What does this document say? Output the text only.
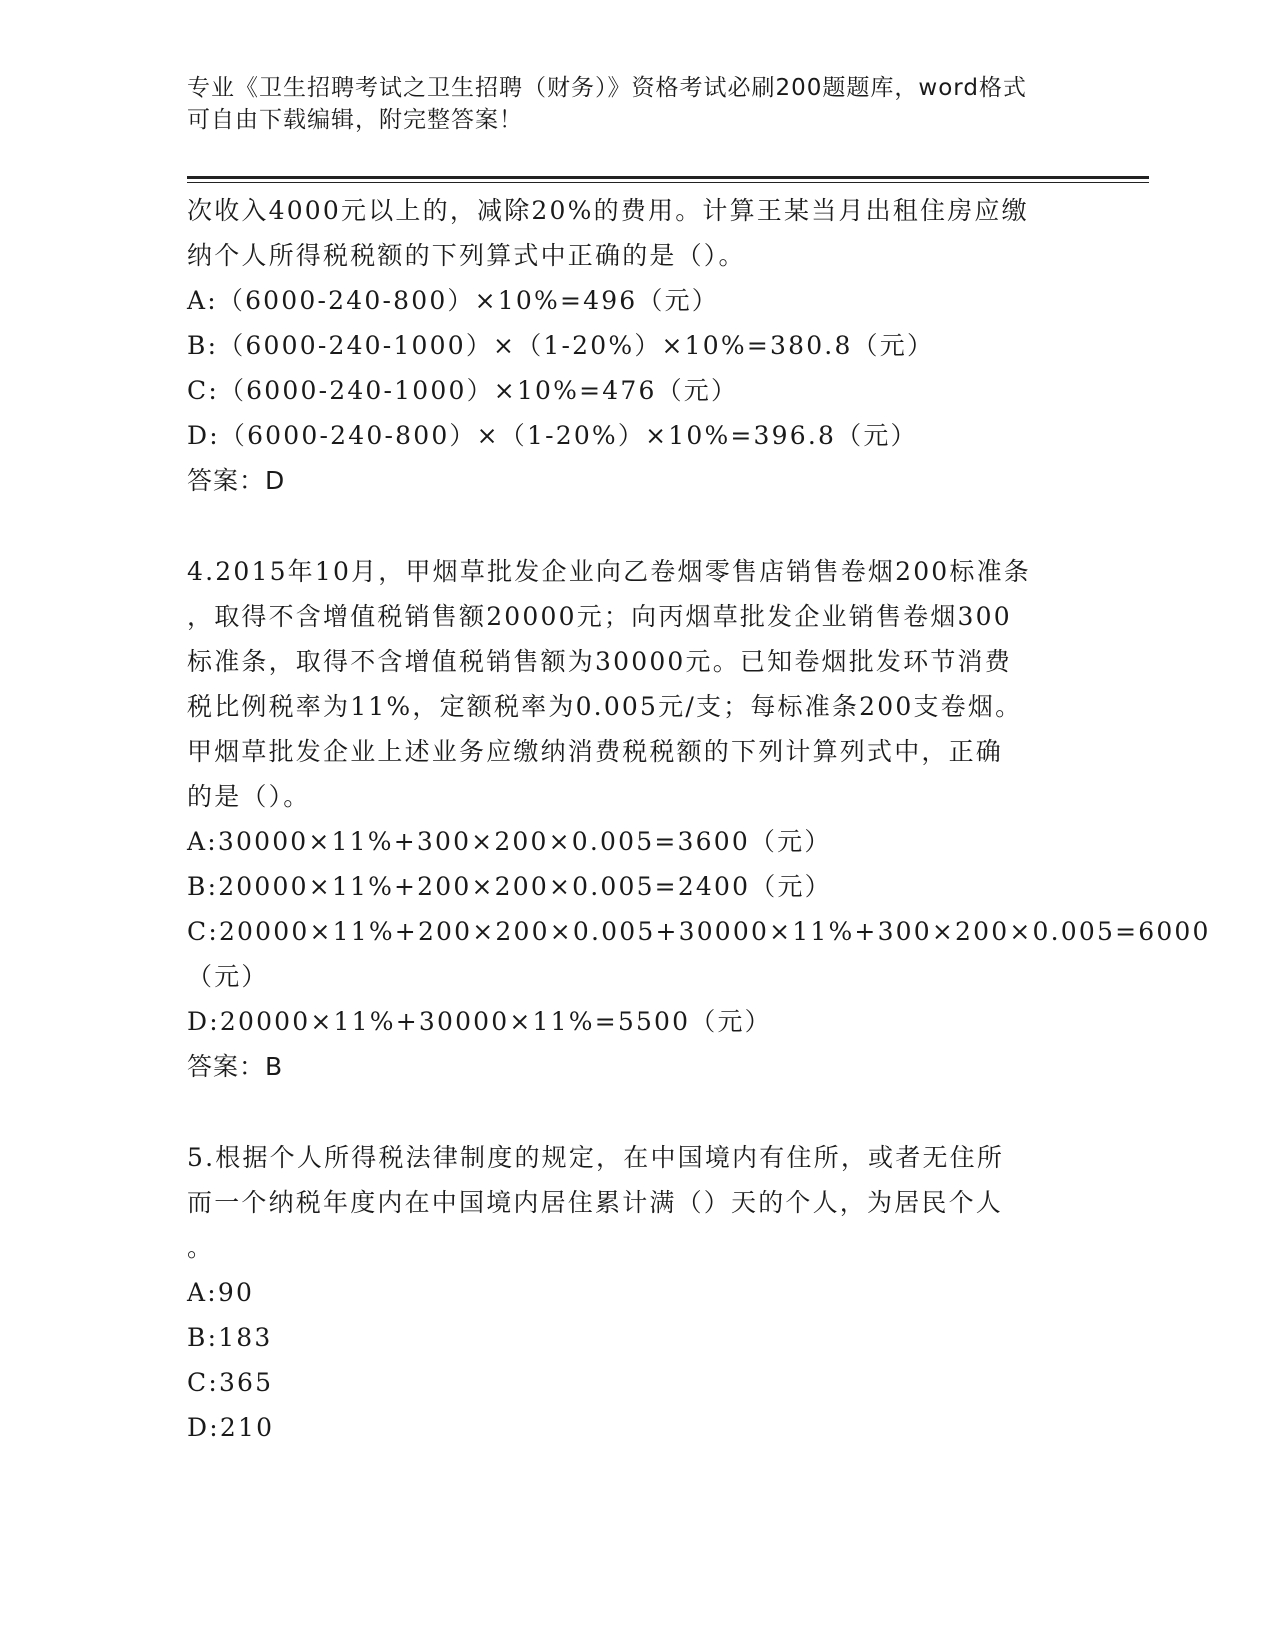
专业《卫生招聘考试之卫生招聘（财务）》资格考试必刷200题题库，word格式
可自由下载编辑，附完整答案！
次收入4000元以上的，减除20%的费用。计算王某当月出租住房应缴
纳个人所得税税额的下列算式中正确的是（）。
A:（6000-240-800）×10%=496（元）
B:（6000-240-1000）×（1-20%）×10%=380.8（元）
C:（6000-240-1000）×10%=476（元）
D:（6000-240-800）×（1-20%）×10%=396.8（元）
答案：D
4.2015年10月，甲烟草批发企业向乙卷烟零售店销售卷烟200标准条
，取得不含增值税销售额20000元；向丙烟草批发企业销售卷烟300
标准条，取得不含增值税销售额为30000元。已知卷烟批发环节消费
税比例税率为11%，定额税率为0.005元/支；每标准条200支卷烟。
甲烟草批发企业上述业务应缴纳消费税税额的下列计算列式中，正确
的是（）。
A:30000×11%+300×200×0.005=3600（元）
B:20000×11%+200×200×0.005=2400（元）
C:20000×11%+200×200×0.005+30000×11%+300×200×0.005=6000
（元）
D:20000×11%+30000×11%=5500（元）
答案：B
5.根据个人所得税法律制度的规定，在中国境内有住所，或者无住所
而一个纳税年度内在中国境内居住累计满（）天的个人，为居民个人
。
A:90
B:183
C:365
D:210
